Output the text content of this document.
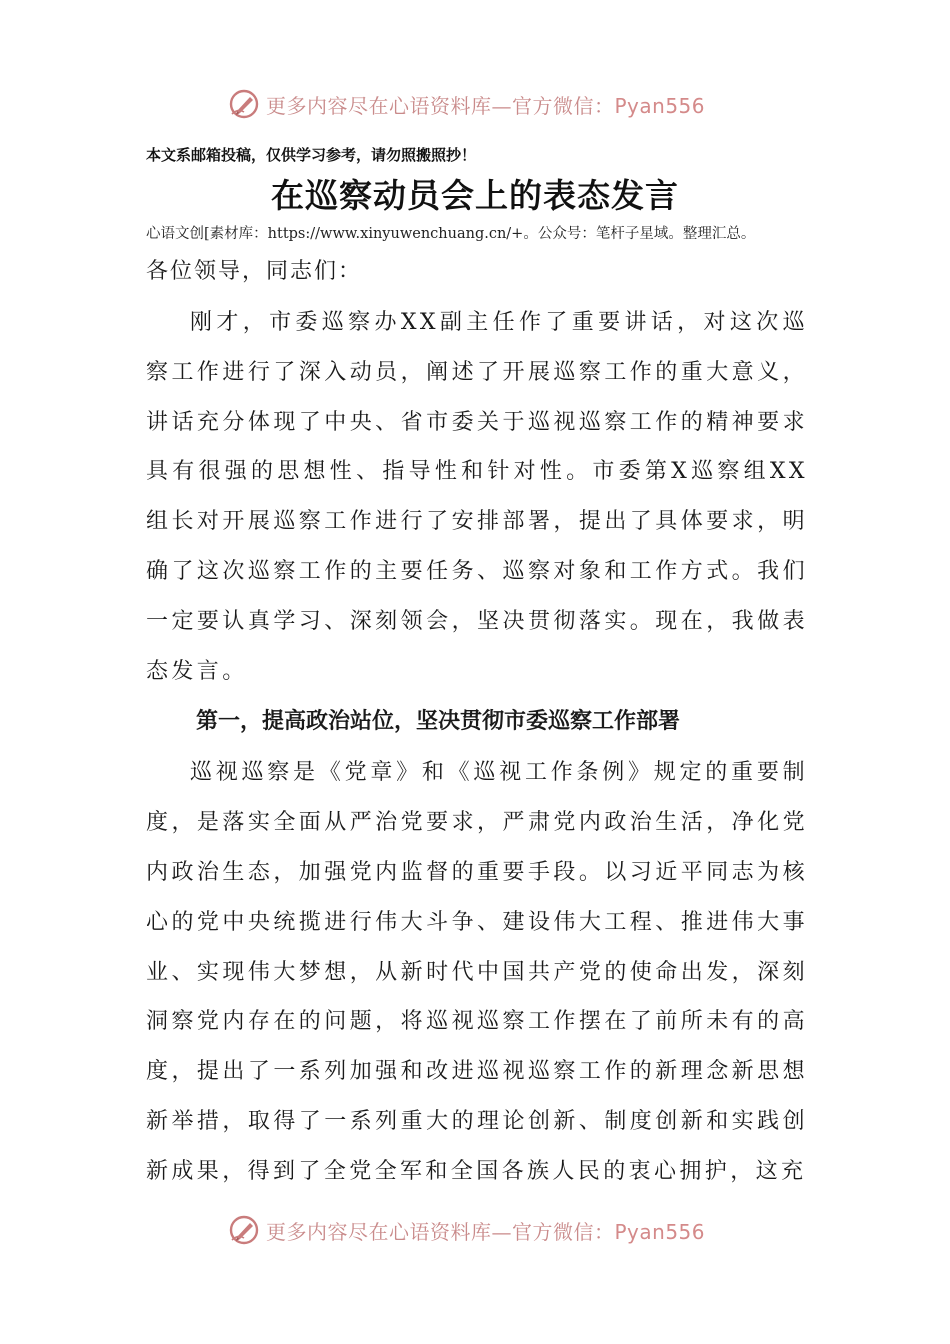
更多内容尽在心语资料库—官方微信：Pyan556
本文系邮箱投稿，仅供学习参考，请勿照搬照抄！
在巡察动员会上的表态发言
心语文创[素材库：https://www.xinyuwenchuang.cn/+。公众号：笔杆子星域。整理汇总。
各位领导，同志们：

刚才，市委巡察办XX副主任作了重要讲话，对这次巡察工作进行了深入动员，阐述了开展巡察工作的重大意义，讲话充分体现了中央、省市委关于巡视巡察工作的精神要求具有很强的思想性、指导性和针对性。市委第X巡察组XX组长对开展巡察工作进行了安排部署，提出了具体要求，明确了这次巡察工作的主要任务、巡察对象和工作方式。我们一定要认真学习、深刻领会，坚决贯彻落实。现在，我做表态发言。

第一，提高政治站位，坚决贯彻市委巡察工作部署

巡视巡察是《党章》和《巡视工作条例》规定的重要制度，是落实全面从严治党要求，严肃党内政治生活，净化党内政治生态，加强党内监督的重要手段。以习近平同志为核心的党中央统揽进行伟大斗争、建设伟大工程、推进伟大事业、实现伟大梦想，从新时代中国共产党的使命出发，深刻洞察党内存在的问题，将巡视巡察工作摆在了前所未有的高度，提出了一系列加强和改进巡视巡察工作的新理念新思想新举措，取得了一系列重大的理论创新、制度创新和实践创新成果，得到了全党全军和全国各族人民的衷心拥护，这充

更多内容尽在心语资料库—官方微信：Pyan556
